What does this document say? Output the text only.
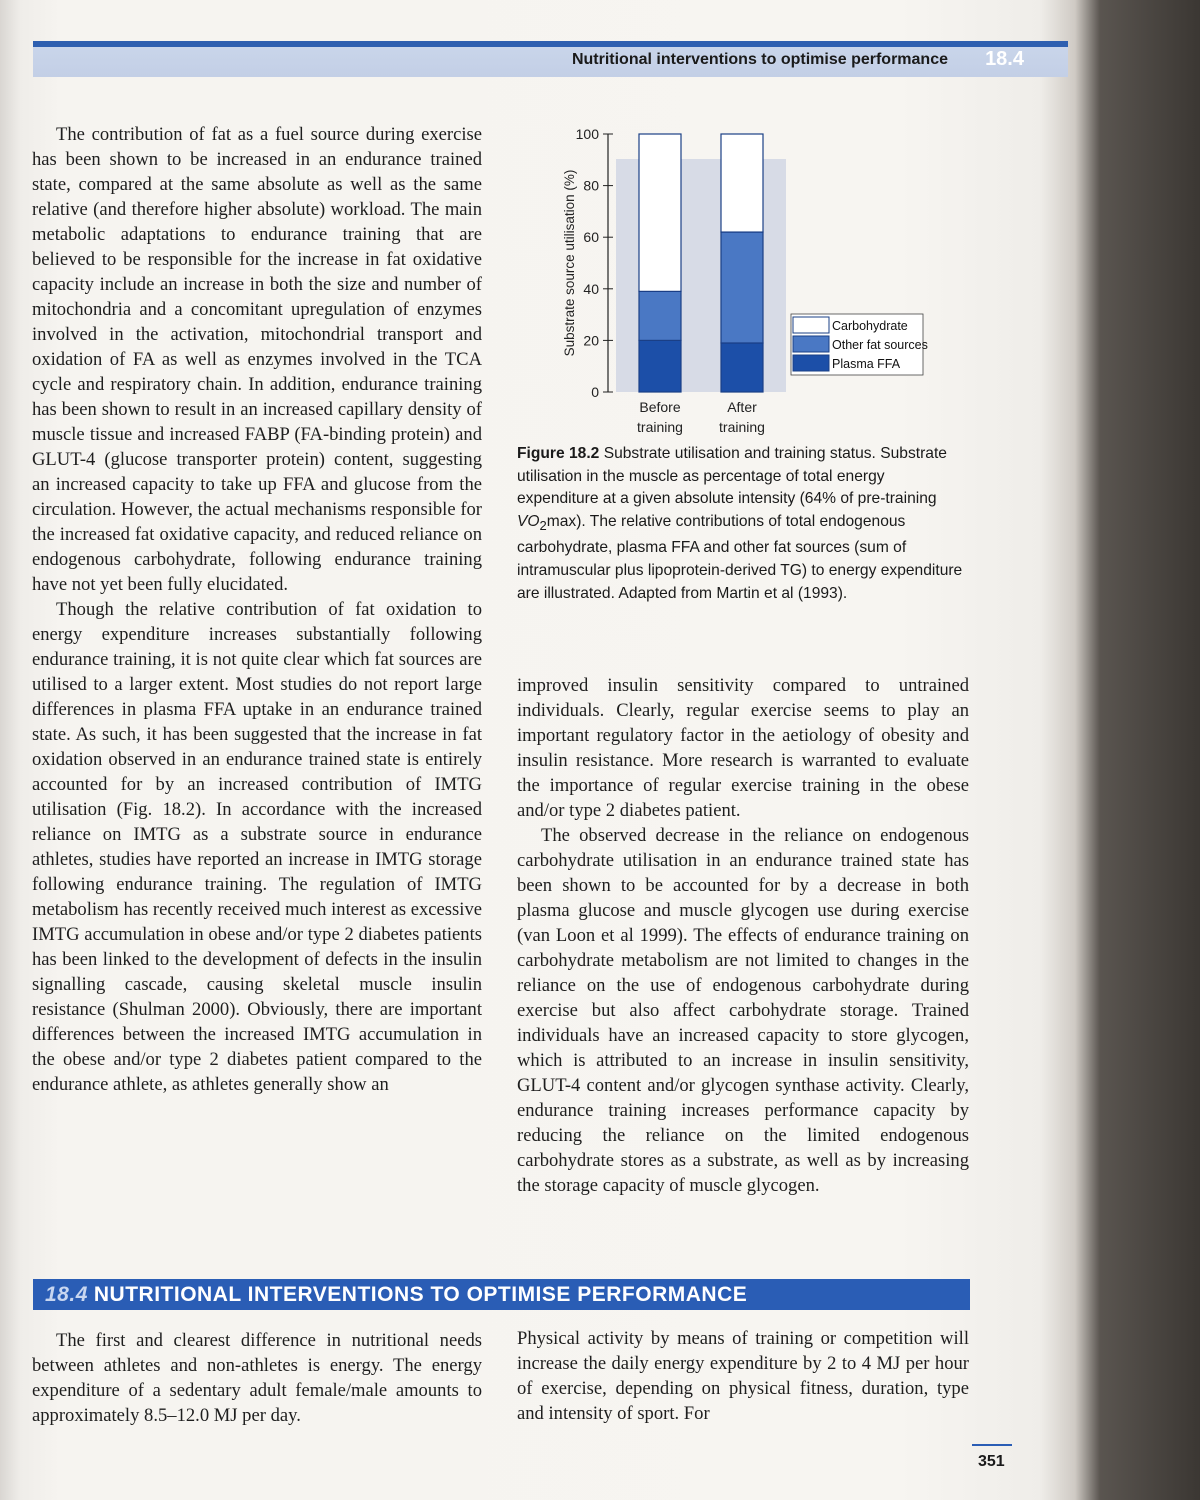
Nutritional interventions to optimise performance 18.4

The contribution of fat as a fuel source during exercise has been shown to be increased in an endurance trained state, compared at the same absolute as well as the same relative (and therefore higher absolute) workload. The main metabolic adaptations to endurance training that are believed to be responsible for the increase in fat oxidative capacity include an increase in both the size and number of mitochondria and a concomitant upregulation of enzymes involved in the activation, mitochondrial transport and oxidation of FA as well as enzymes involved in the TCA cycle and respiratory chain. In addition, endurance training has been shown to result in an increased capillary density of muscle tissue and increased FABP (FA-binding protein) and GLUT-4 (glucose transporter protein) content, suggesting an increased capacity to take up FFA and glucose from the circulation. However, the actual mechanisms responsible for the increased fat oxidative capacity, and reduced reliance on endogenous carbohydrate, following endurance training have not yet been fully elucidated.

Though the relative contribution of fat oxidation to energy expenditure increases substantially following endurance training, it is not quite clear which fat sources are utilised to a larger extent. Most studies do not report large differences in plasma FFA uptake in an endurance trained state. As such, it has been suggested that the increase in fat oxidation observed in an endurance trained state is entirely accounted for by an increased contribution of IMTG utilisation (Fig. 18.2). In accordance with the increased reliance on IMTG as a substrate source in endurance athletes, studies have reported an increase in IMTG storage following endurance training. The regulation of IMTG metabolism has recently received much interest as excessive IMTG accumulation in obese and/or type 2 diabetes patients has been linked to the development of defects in the insulin signalling cascade, causing skeletal muscle insulin resistance (Shulman 2000). Obviously, there are important differences between the increased IMTG accumulation in the obese and/or type 2 diabetes patient compared to the endurance athlete, as athletes generally show an

0
20
40
60
80
100
Substrate source utilisation (%)
Before
training
After
training
Carbohydrate
Other fat sources
Plasma FFA
Figure 18.2 Substrate utilisation and training status. Substrate utilisation in the muscle as percentage of total energy expenditure at a given absolute intensity (64% of pre-training $VO_2\max$). The relative contributions of total endogenous carbohydrate, plasma FFA and other fat sources (sum of intramuscular plus lipoprotein-derived TG) to energy expenditure are illustrated. Adapted from Martin et al (1993).

improved insulin sensitivity compared to untrained individuals. Clearly, regular exercise seems to play an important regulatory factor in the aetiology of obesity and insulin resistance. More research is warranted to evaluate the importance of regular exercise training in the obese and/or type 2 diabetes patient.

The observed decrease in the reliance on endogenous carbohydrate utilisation in an endurance trained state has been shown to be accounted for by a decrease in both plasma glucose and muscle glycogen use during exercise (van Loon et al 1999). The effects of endurance training on carbohydrate metabolism are not limited to changes in the reliance on the use of endogenous carbohydrate during exercise but also affect carbohydrate storage. Trained individuals have an increased capacity to store glycogen, which is attributed to an increase in insulin sensitivity, GLUT-4 content and/or glycogen synthase activity. Clearly, endurance training increases performance capacity by reducing the reliance on the limited endogenous carbohydrate stores as a substrate, as well as by increasing the storage capacity of muscle glycogen.

18.4 NUTRITIONAL INTERVENTIONS TO OPTIMISE PERFORMANCE

The first and clearest difference in nutritional needs between athletes and non-athletes is energy. The energy expenditure of a sedentary adult female/male amounts to approximately 8.5–12.0 MJ per day.

Physical activity by means of training or competition will increase the daily energy expenditure by 2 to 4 MJ per hour of exercise, depending on physical fitness, duration, type and intensity of sport. For

351
